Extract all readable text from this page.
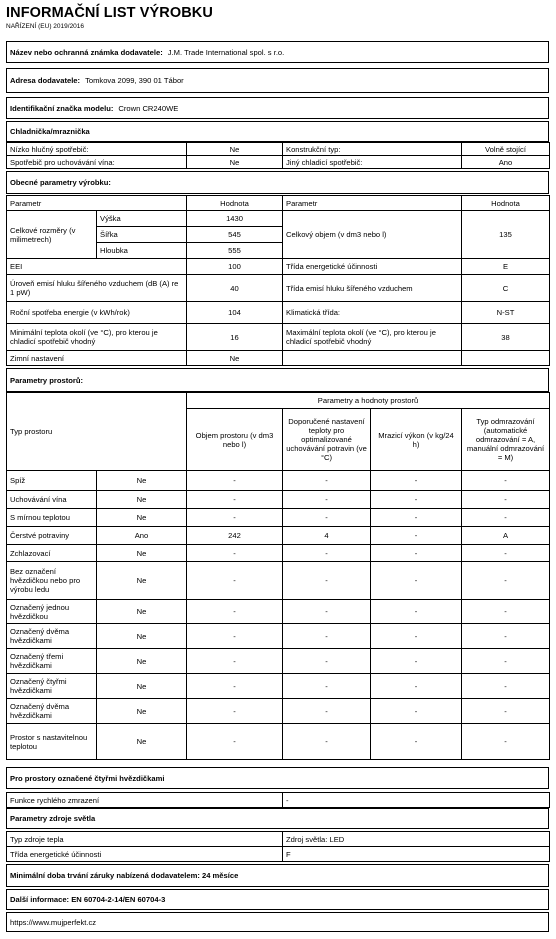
INFORMAČNÍ LIST VÝROBKU
NAŘÍZENÍ (EU) 2019/2016
Název nebo ochranná známka dodavatele: J.M. Trade International spol. s r.o.
Adresa dodavatele: Tomkova 2099, 390 01 Tábor
Identifikační značka modelu: Crown CR240WE
Chladnička/mraznička
Nízko hlučný spotřebič:	Ne	Konstrukční typ:	Volně stojící
Spotřebič pro uchovávání vína:	Ne	Jiný chladicí spotřebič:	Ano
Obecné parametry výrobku:
Parametr		Hodnota	Parametr	Hodnota
Celkové rozměry (v milimetrech)	Výška	1430	Celkový objem (v dm3 nebo l)	135
	Šířka	545		
	Hloubka	555		
EEI		100	Třída energetické účinnosti	E
Úroveň emisí hluku šířeného vzduchem (dB (A) re 1 pW)		40	Třída emisí hluku šířeného vzduchem	C
Roční spotřeba energie (v kWh/rok)		104	Klimatická třída:	N-ST
Minimální teplota okolí (ve °C), pro kterou je chladicí spotřebič vhodný		16	Maximální teplota okolí (ve °C), pro kterou je chladicí spotřebič vhodný	38
Zimní nastavení		Ne		
Parametry prostorů:
Typ prostoru		Parametry a hodnoty prostorů			
		Objem prostoru (v dm3 nebo l)	Doporučené nastavení teploty pro optimalizované uchovávání potravin (ve °C)	Mrazicí výkon (v kg/24 h)	Typ odmrazování (automatické odmrazování = A, manuální odmrazování = M)
Spíž	Ne	-	-	-	-
Uchovávání vína	Ne	-	-	-	-
S mírnou teplotou	Ne	-	-	-	-
Čerstvé potraviny	Ano	242	4	-	A
Zchlazovací	Ne	-	-	-	-
Bez označení hvězdičkou nebo pro výrobu ledu	Ne	-	-	-	-
Označený jednou hvězdičkou	Ne	-	-	-	-
Označený dvěma hvězdičkami	Ne	-	-	-	-
Označený třemi hvězdičkami	Ne	-	-	-	-
Označený čtyřmi hvězdičkami	Ne	-	-	-	-
Označený dvěma hvězdičkami	Ne	-	-	-	-
Prostor s nastavitelnou teplotou	Ne	-	-	-	-
Pro prostory označené čtyřmi hvězdičkami
Funkce rychlého zmrazení	-
Parametry zdroje světla
Typ zdroje tepla	Zdroj světla: LED
Třída energetické účinnosti	F
Minimální doba trvání záruky nabízená dodavatelem: 24 měsíce
Další informace: EN 60704-2-14/EN 60704-3
https://www.mujperfekt.cz
